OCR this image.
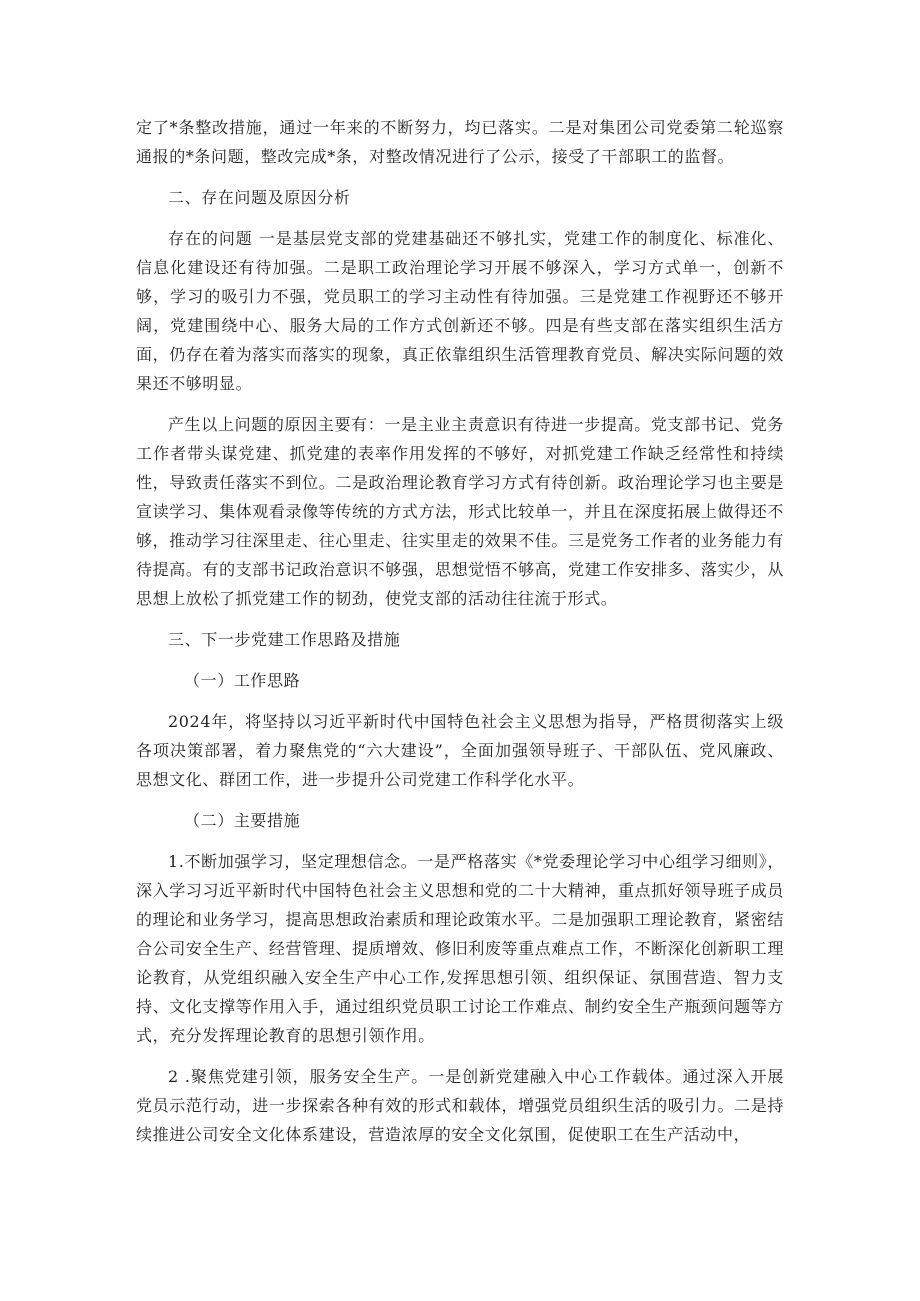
定了*条整改措施，通过一年来的不断努力，均已落实。二是对集团公司党委第二轮巡察通报的*条问题，整改完成*条，对整改情况进行了公示，接受了干部职工的监督。

二、存在问题及原因分析

存在的问题 一是基层党支部的党建基础还不够扎实，党建工作的制度化、标准化、信息化建设还有待加强。二是职工政治理论学习开展不够深入，学习方式单一，创新不够，学习的吸引力不强，党员职工的学习主动性有待加强。三是党建工作视野还不够开阔，党建围绕中心、服务大局的工作方式创新还不够。四是有些支部在落实组织生活方面，仍存在着为落实而落实的现象，真正依靠组织生活管理教育党员、解决实际问题的效果还不够明显。

产生以上问题的原因主要有：一是主业主责意识有待进一步提高。党支部书记、党务工作者带头谋党建、抓党建的表率作用发挥的不够好，对抓党建工作缺乏经常性和持续性，导致责任落实不到位。二是政治理论教育学习方式有待创新。政治理论学习也主要是宣读学习、集体观看录像等传统的方式方法，形式比较单一，并且在深度拓展上做得还不够，推动学习往深里走、往心里走、往实里走的效果不佳。三是党务工作者的业务能力有待提高。有的支部书记政治意识不够强，思想觉悟不够高，党建工作安排多、落实少，从思想上放松了抓党建工作的韧劲，使党支部的活动往往流于形式。

三、下一步党建工作思路及措施

（一）工作思路

2024年，将坚持以习近平新时代中国特色社会主义思想为指导，严格贯彻落实上级各项决策部署，着力聚焦党的“六大建设”，全面加强领导班子、干部队伍、党风廉政、思想文化、群团工作，进一步提升公司党建工作科学化水平。

（二）主要措施

1.不断加强学习，坚定理想信念。一是严格落实《*党委理论学习中心组学习细则》，深入学习习近平新时代中国特色社会主义思想和党的二十大精神，重点抓好领导班子成员的理论和业务学习，提高思想政治素质和理论政策水平。二是加强职工理论教育，紧密结合公司安全生产、经营管理、提质增效、修旧利废等重点难点工作，不断深化创新职工理论教育，从党组织融入安全生产中心工作,发挥思想引领、组织保证、氛围营造、智力支持、文化支撑等作用入手，通过组织党员职工讨论工作难点、制约安全生产瓶颈问题等方式，充分发挥理论教育的思想引领作用。

2 .聚焦党建引领，服务安全生产。一是创新党建融入中心工作载体。通过深入开展党员示范行动，进一步探索各种有效的形式和载体，增强党员组织生活的吸引力。二是持续推进公司安全文化体系建设，营造浓厚的安全文化氛围，促使职工在生产活动中，
